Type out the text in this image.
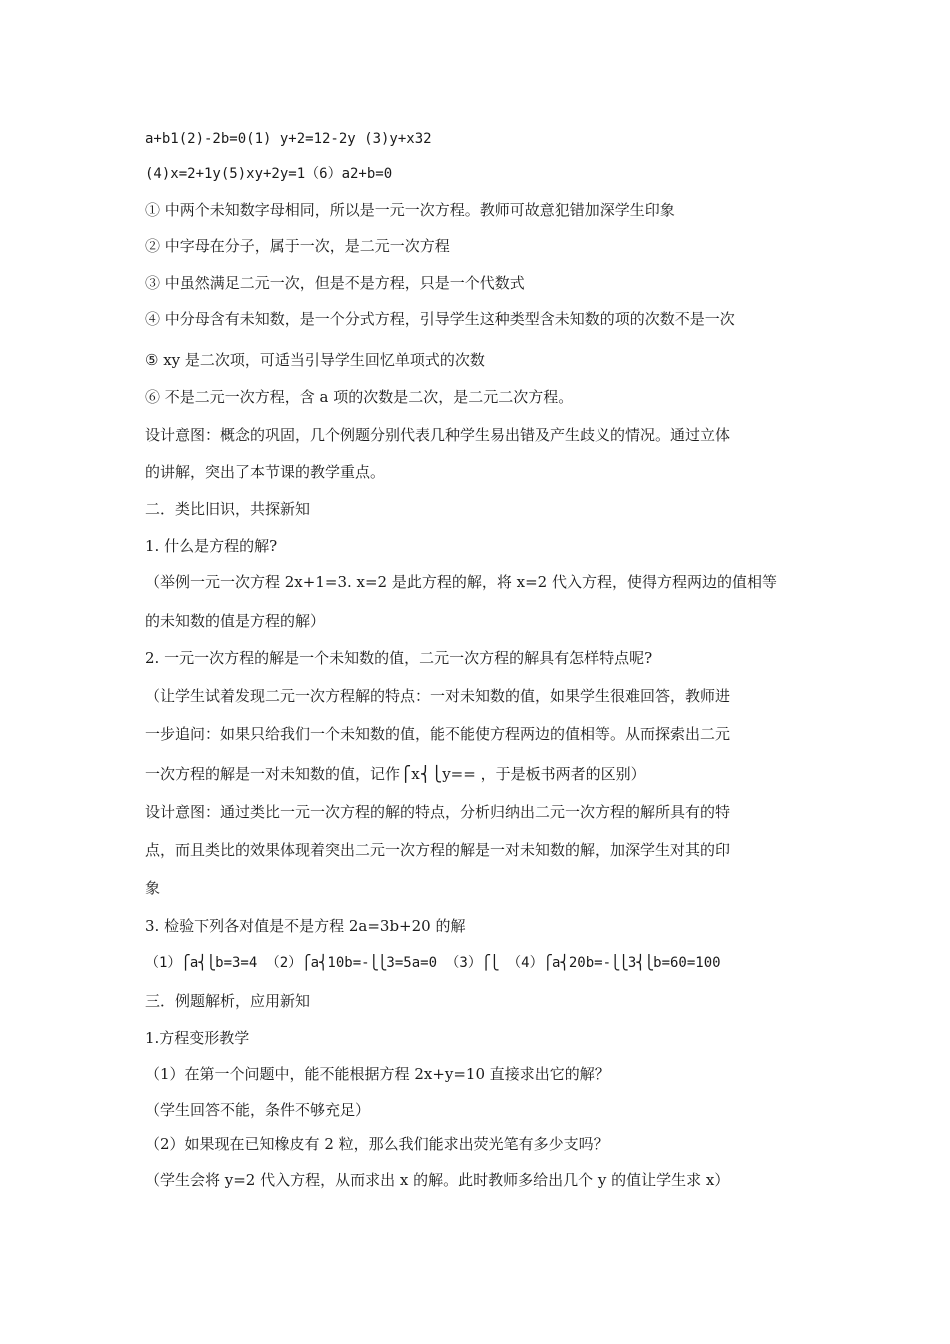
a+b1(2)-2b=0(1) y+2=12-2y (3)y+x32
(4)x=2+1y(5)xy+2y=1（6）a2+b=0
① 中两个未知数字母相同，所以是一元一次方程。教师可故意犯错加深学生印象
② 中字母在分子，属于一次，是二元一次方程
③ 中虽然满足二元一次，但是不是方程，只是一个代数式
④ 中分母含有未知数，是一个分式方程，引导学生这种类型含未知数的项的次数不是一次
⑤ xy 是二次项，可适当引导学生回忆单项式的次数
⑥ 不是二元一次方程，含 a 项的次数是二次，是二元二次方程。
设计意图：概念的巩固，几个例题分别代表几种学生易出错及产生歧义的情况。通过立体
的讲解，突出了本节课的教学重点。
二．类比旧识，共探新知
1. 什么是方程的解?
（举例一元一次方程 2x+1=3. x=2 是此方程的解，将 x=2 代入方程，使得方程两边的值相等
的未知数的值是方程的解）
2. 一元一次方程的解是一个未知数的值，二元一次方程的解具有怎样特点呢?
（让学生试着发现二元一次方程解的特点：一对未知数的值，如果学生很难回答，教师进
一步追问：如果只给我们一个未知数的值，能不能使方程两边的值相等。从而探索出二元
一次方程的解是一对未知数的值，记作⎧x⎨⎩y== ，于是板书两者的区别）
设计意图：通过类比一元一次方程的解的特点，分析归纳出二元一次方程的解所具有的特
点，而且类比的效果体现着突出二元一次方程的解是一对未知数的解，加深学生对其的印
象
3. 检验下列各对值是不是方程 2a=3b+20 的解
（1）⎧a⎨⎩b=3=4 （2）⎧a⎨10b=-⎩⎩3=5a=0 （3）⎧⎩ （4）⎧a⎨20b=-⎩⎩3⎨⎩b=60=100
三．例题解析，应用新知
1.方程变形教学
（1）在第一个问题中，能不能根据方程 2x+y=10 直接求出它的解？
（学生回答不能，条件不够充足）
（2）如果现在已知橡皮有 2 粒，那么我们能求出荧光笔有多少支吗？
（学生会将 y=2 代入方程，从而求出 x 的解。此时教师多给出几个 y 的值让学生求 x）
